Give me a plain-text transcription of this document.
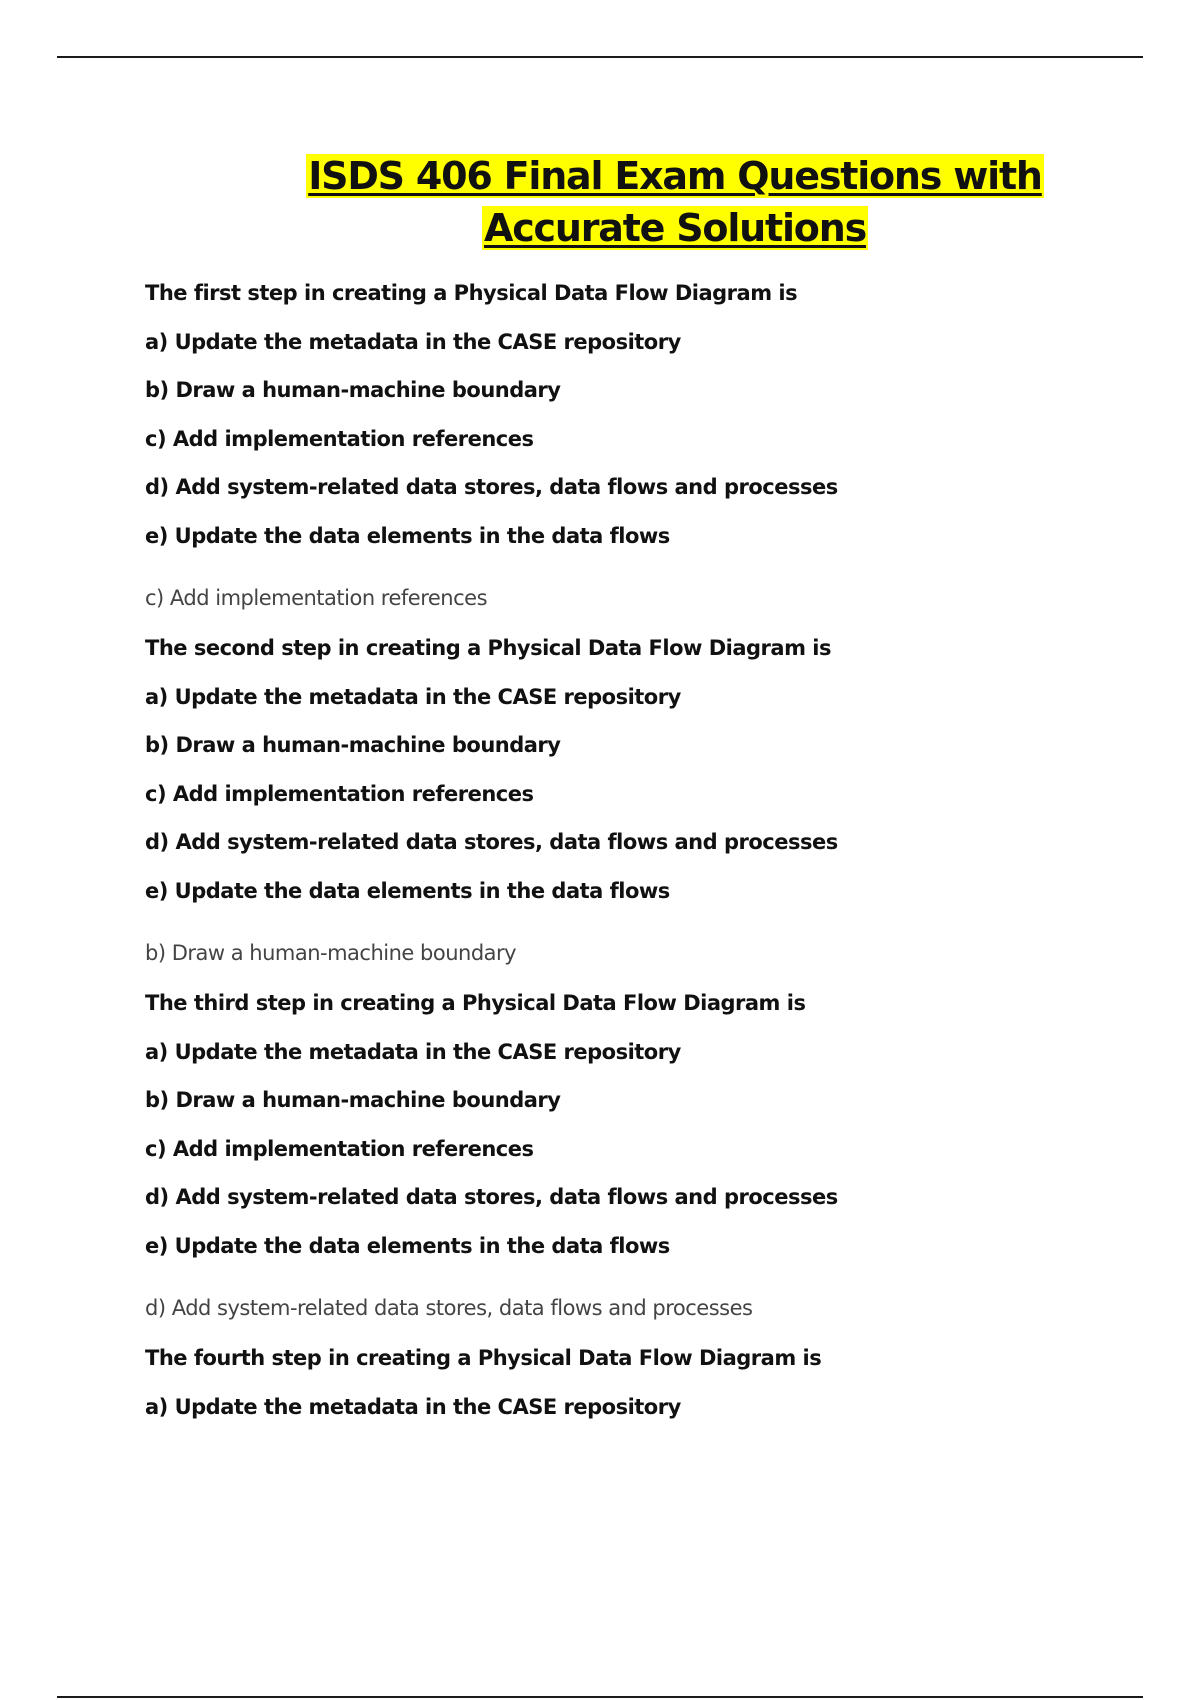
ISDS 406 Final Exam Questions with
Accurate Solutions
The first step in creating a Physical Data Flow Diagram is
a) Update the metadata in the CASE repository
b) Draw a human-machine boundary
c) Add implementation references
d) Add system-related data stores, data flows and processes
e) Update the data elements in the data flows
c) Add implementation references
The second step in creating a Physical Data Flow Diagram is
a) Update the metadata in the CASE repository
b) Draw a human-machine boundary
c) Add implementation references
d) Add system-related data stores, data flows and processes
e) Update the data elements in the data flows
b) Draw a human-machine boundary
The third step in creating a Physical Data Flow Diagram is
a) Update the metadata in the CASE repository
b) Draw a human-machine boundary
c) Add implementation references
d) Add system-related data stores, data flows and processes
e) Update the data elements in the data flows
d) Add system-related data stores, data flows and processes
The fourth step in creating a Physical Data Flow Diagram is
a) Update the metadata in the CASE repository
